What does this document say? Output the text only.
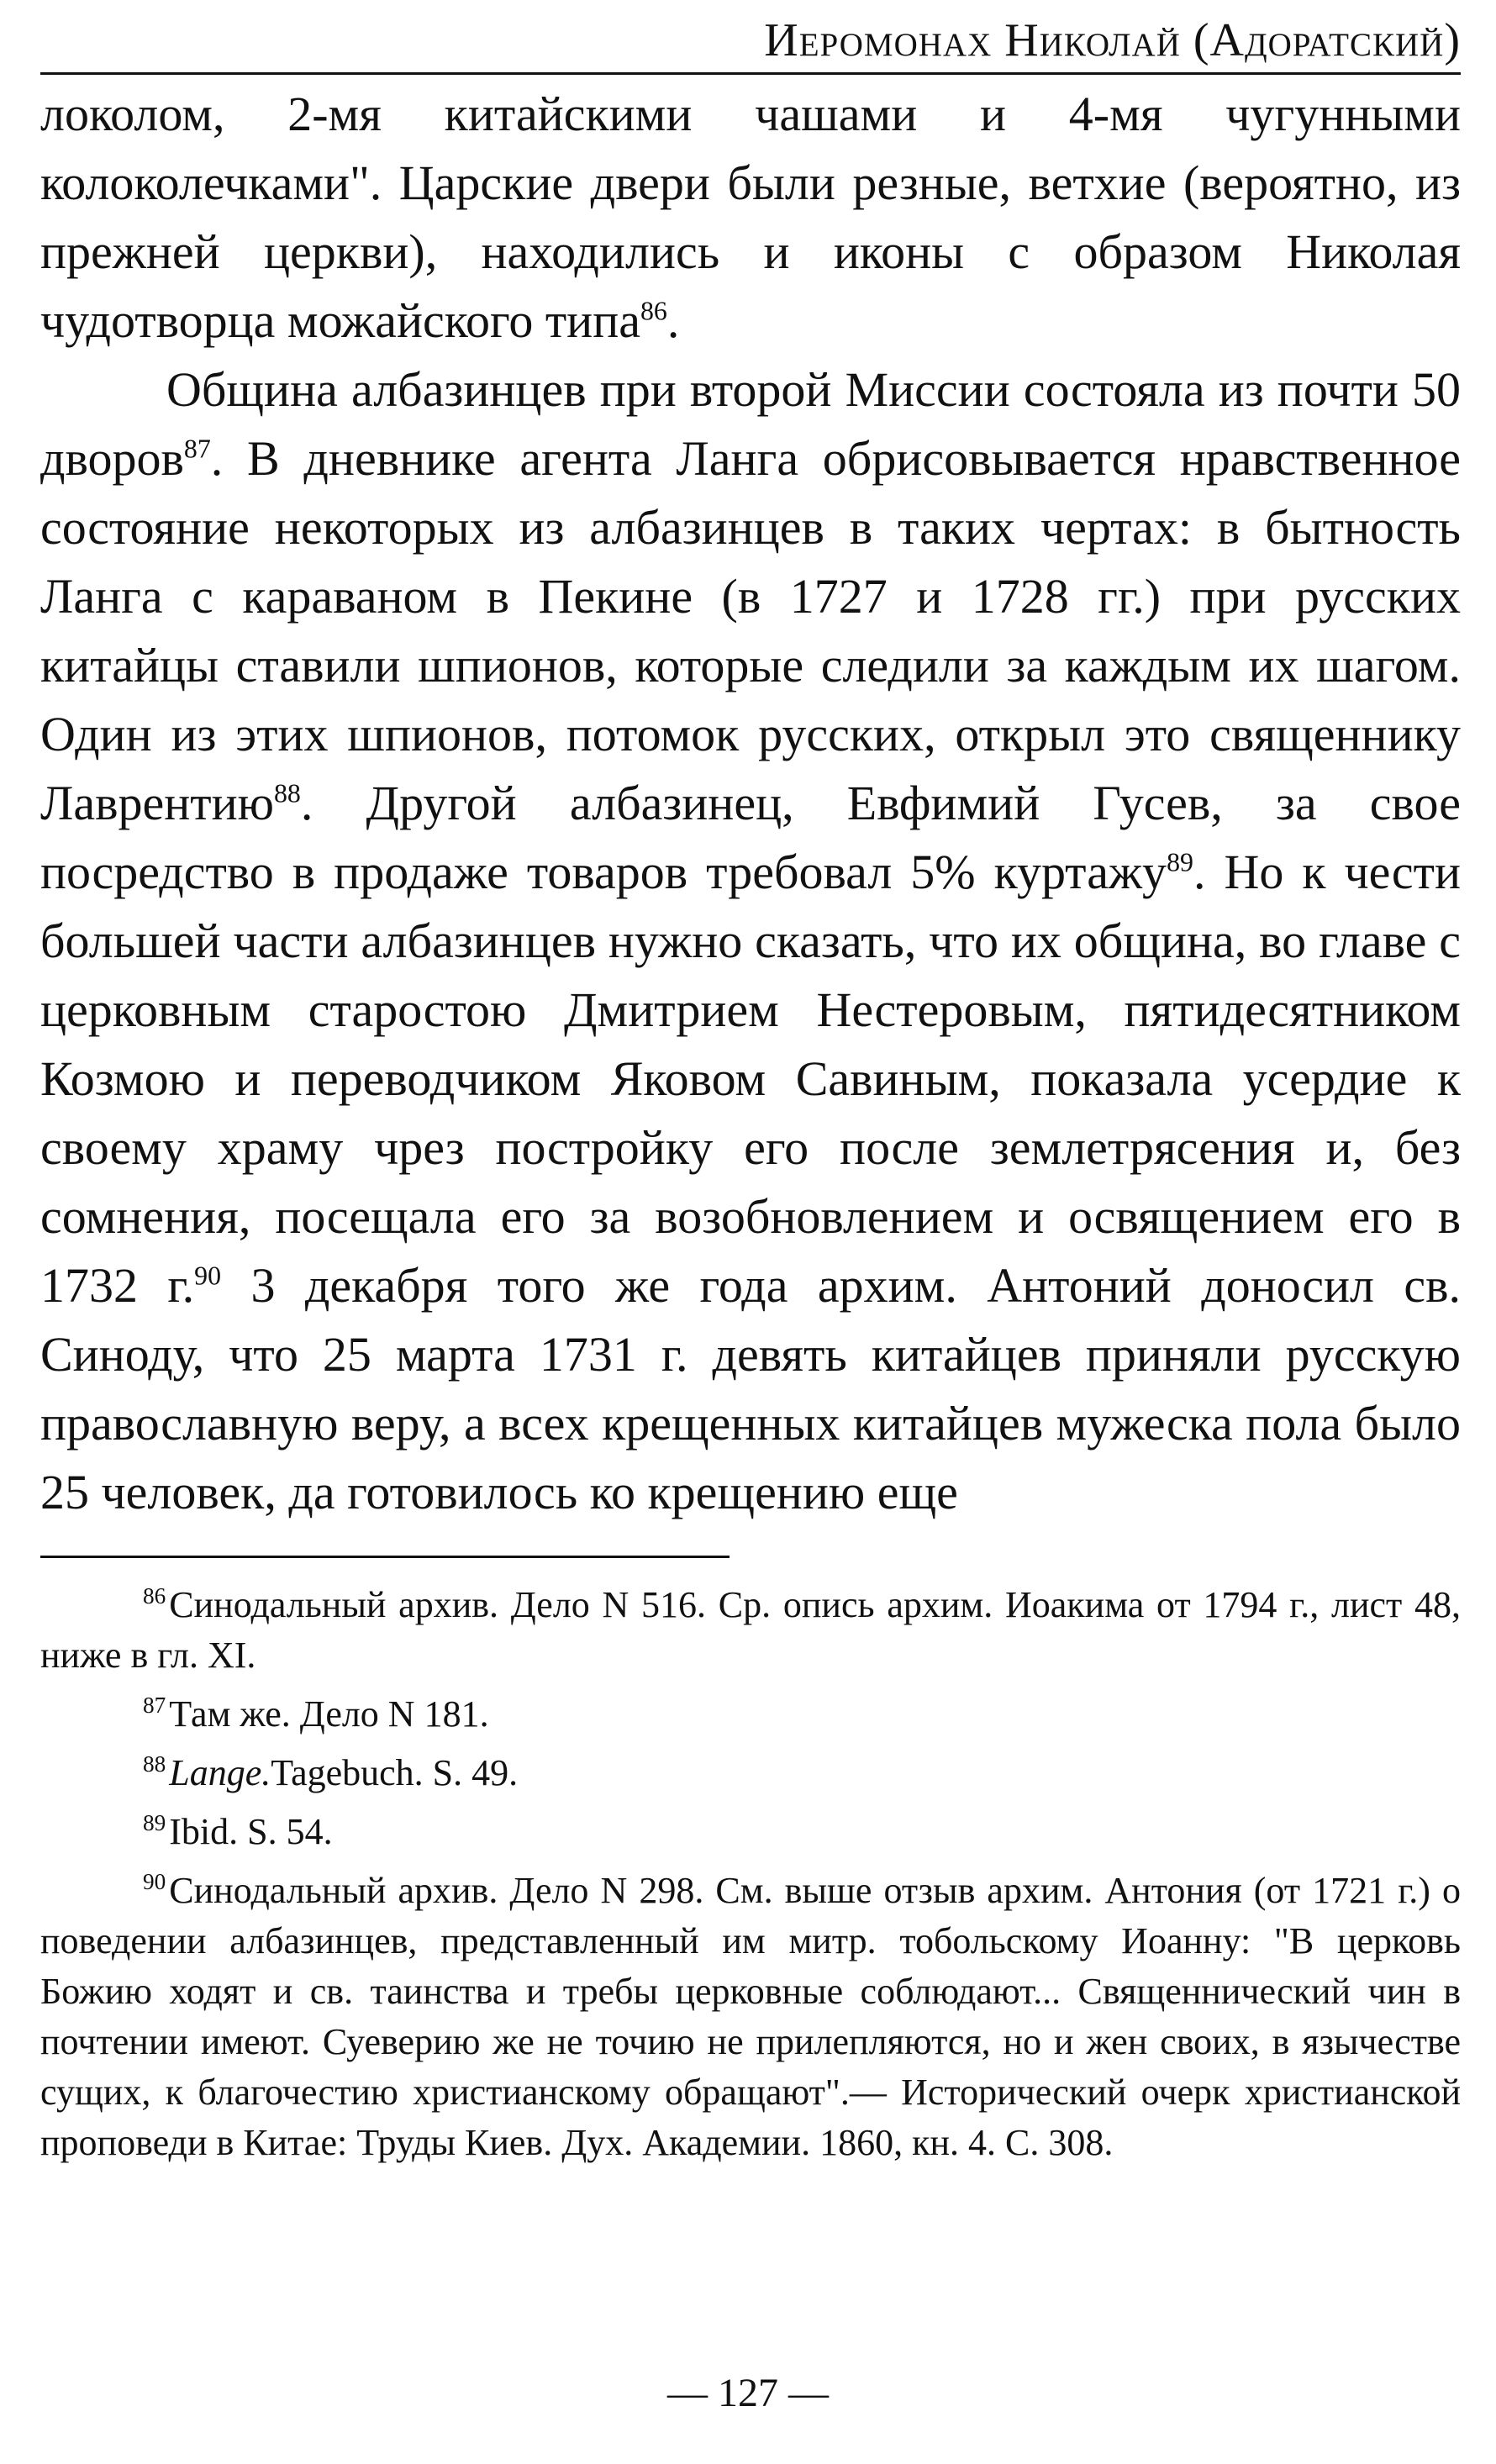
Иеромонах Николай (Адоратский)

локолом, 2-мя китайскими чашами и 4-мя чугунными колоколечками". Царские двери были резные, ветхие (вероятно, из прежней церкви), находились и иконы с образом Николая чудотворца можайского типа$^{86}$.

Община албазинцев при второй Миссии состояла из почти 50 дворов$^{87}$. В дневнике агента Ланга обрисовывается нравственное состояние некоторых из албазинцев в таких чертах: в бытность Ланга с караваном в Пекине (в 1727 и 1728 гг.) при русских китайцы ставили шпионов, которые следили за каждым их шагом. Один из этих шпионов, потомок русских, открыл это священнику Лаврентию$^{88}$. Другой албазинец, Евфимий Гусев, за свое посредство в продаже товаров требовал 5% куртажу$^{89}$. Но к чести большей части албазинцев нужно сказать, что их община, во главе с церковным старостою Дмитрием Нестеровым, пятидесятником Козмою и переводчиком Яковом Савиным, показала усердие к своему храму чрез постройку его после землетрясения и, без сомнения, посещала его за возобновлением и освящением его в 1732 г.$^{90}$ 3 декабря того же года архим. Антоний доносил св. Синоду, что 25 марта 1731 г. девять китайцев приняли русскую православную веру, а всех крещенных китайцев мужеска пола было 25 человек, да готовилось ко крещению еще

$^{86}$Синодальный архив. Дело N 516. Ср. опись архим. Иоакима от 1794 г., лист 48, ниже в гл. XI.

$^{87}$Там же. Дело N 181.

$^{88}$Lange.Tagebuch. S. 49.

$^{89}$Ibid. S. 54.

$^{90}$Синодальный архив. Дело N 298. См. выше отзыв архим. Антония (от 1721 г.) о поведении албазинцев, представленный им митр. тобольскому Иоанну: "В церковь Божию ходят и св. таинства и требы церковные соблюдают... Священнический чин в почтении имеют. Суеверию же не точию не прилепляются, но и жен своих, в язычестве сущих, к благочестию христианскому обращают".— Исторический очерк христианской проповеди в Китае: Труды Киев. Дух. Академии. 1860, кн. 4. С. 308.

— 127 —
